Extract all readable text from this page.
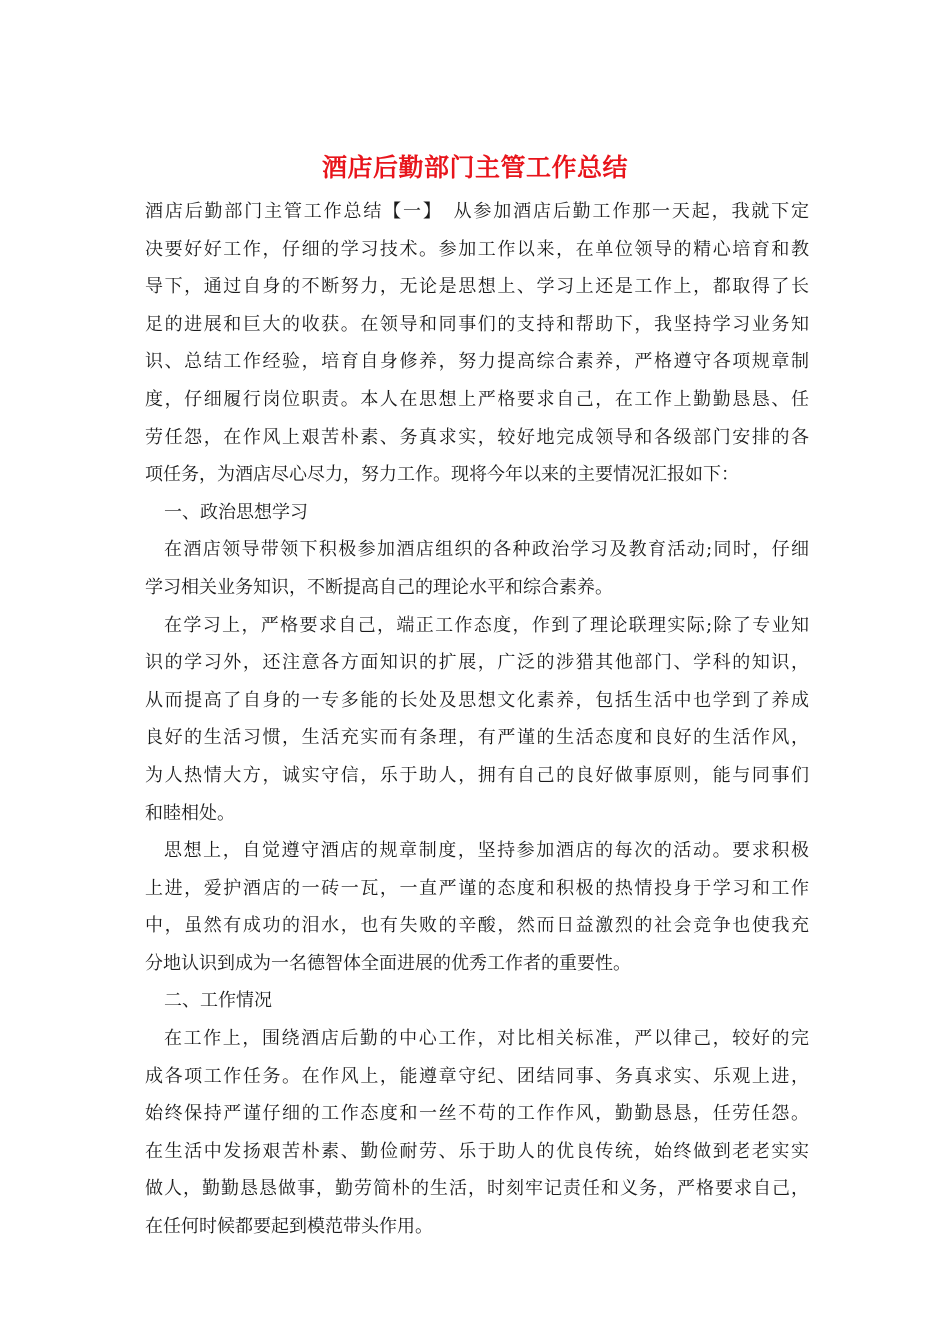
酒店后勤部门主管工作总结
酒店后勤部门主管工作总结【一】　从参加酒店后勤工作那一天起，我就下定
决要好好工作，仔细的学习技术。参加工作以来，在单位领导的精心培育和教
导下，通过自身的不断努力，无论是思想上、学习上还是工作上，都取得了长
足的进展和巨大的收获。在领导和同事们的支持和帮助下，我坚持学习业务知
识、总结工作经验，培育自身修养，努力提高综合素养，严格遵守各项规章制
度，仔细履行岗位职责。本人在思想上严格要求自己，在工作上勤勤恳恳、任
劳任怨，在作风上艰苦朴素、务真求实，较好地完成领导和各级部门安排的各
项任务，为酒店尽心尽力，努力工作。现将今年以来的主要情况汇报如下：
一、政治思想学习
在酒店领导带领下积极参加酒店组织的各种政治学习及教育活动;同时，仔细
学习相关业务知识，不断提高自己的理论水平和综合素养。
在学习上，严格要求自己，端正工作态度，作到了理论联理实际;除了专业知
识的学习外，还注意各方面知识的扩展，广泛的涉猎其他部门、学科的知识，
从而提高了自身的一专多能的长处及思想文化素养，包括生活中也学到了养成
良好的生活习惯，生活充实而有条理，有严谨的生活态度和良好的生活作风，
为人热情大方，诚实守信，乐于助人，拥有自己的良好做事原则，能与同事们
和睦相处。
思想上，自觉遵守酒店的规章制度，坚持参加酒店的每次的活动。要求积极
上进，爱护酒店的一砖一瓦，一直严谨的态度和积极的热情投身于学习和工作
中，虽然有成功的泪水，也有失败的辛酸，然而日益激烈的社会竞争也使我充
分地认识到成为一名德智体全面进展的优秀工作者的重要性。
二、工作情况
在工作上，围绕酒店后勤的中心工作，对比相关标准，严以律己，较好的完
成各项工作任务。在作风上，能遵章守纪、团结同事、务真求实、乐观上进，
始终保持严谨仔细的工作态度和一丝不苟的工作作风，勤勤恳恳，任劳任怨。
在生活中发扬艰苦朴素、勤俭耐劳、乐于助人的优良传统，始终做到老老实实
做人，勤勤恳恳做事，勤劳简朴的生活，时刻牢记责任和义务，严格要求自己，
在任何时候都要起到模范带头作用。
